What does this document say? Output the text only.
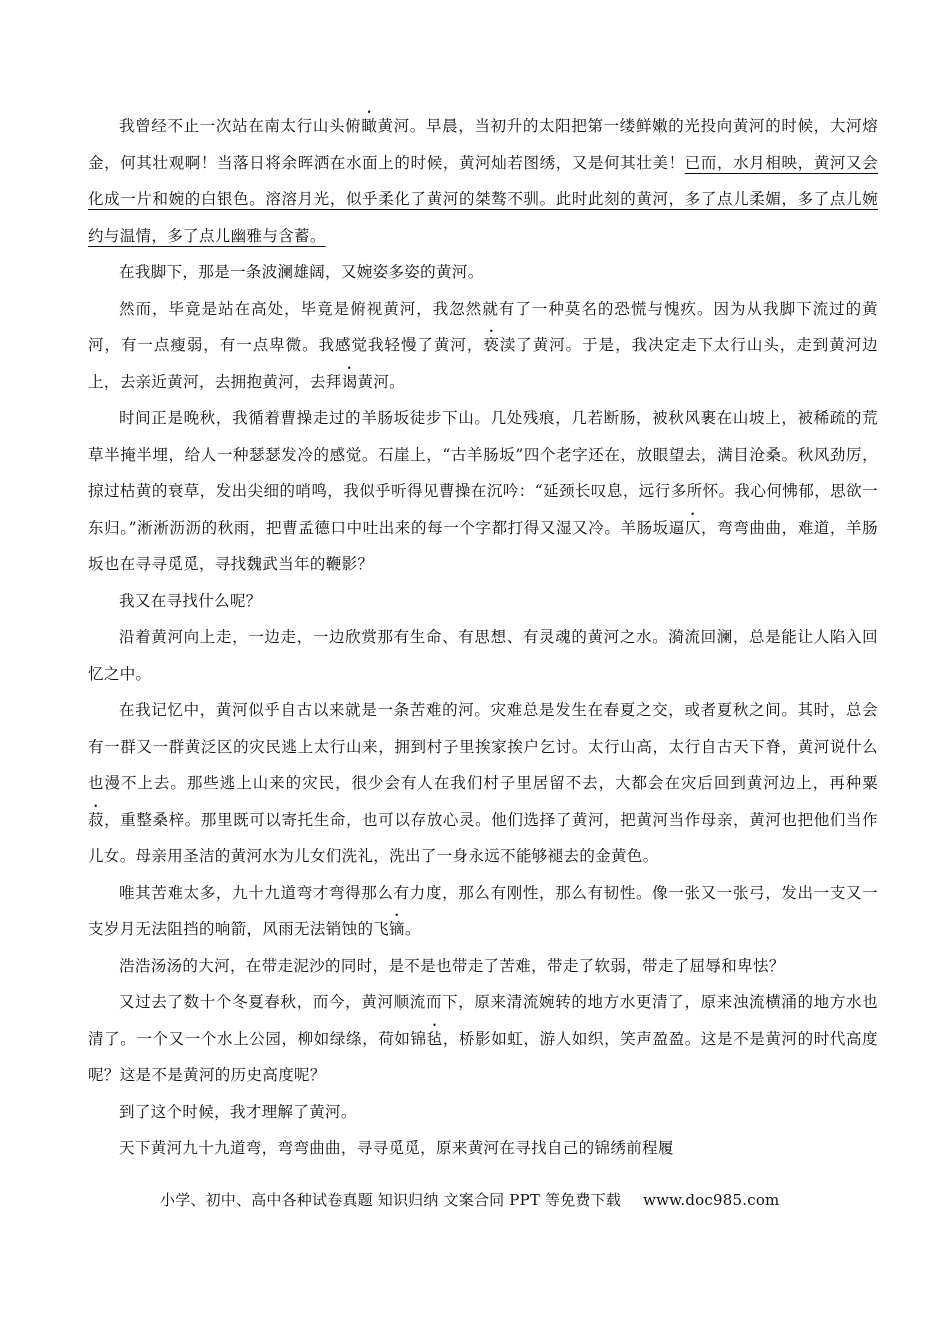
我曾经不止一次站在南太行山头俯瞰黄河。早晨，当初升的太阳把第一缕鲜嫩的光投向黄河的时候，大河熔金，何其壮观啊！当落日将余晖洒在水面上的时候，黄河灿若图绣，又是何其壮美！已而，水月相映，黄河又会化成一片和婉的白银色。溶溶月光，似乎柔化了黄河的桀骜不驯。此时此刻的黄河，多了点儿柔媚，多了点儿婉约与温情，多了点儿幽雅与含蓄。

在我脚下，那是一条波澜雄阔，又婉姿多姿的黄河。

然而，毕竟是站在高处，毕竟是俯视黄河，我忽然就有了一种莫名的恐慌与愧疚。因为从我脚下流过的黄河，有一点瘦弱，有一点卑微。我感觉我轻慢了黄河，亵渎了黄河。于是，我决定走下太行山头，走到黄河边上，去亲近黄河，去拥抱黄河，去拜谒黄河。

时间正是晚秋，我循着曹操走过的羊肠坂徒步下山。几处残痕，几若断肠，被秋风裹在山坡上，被稀疏的荒草半掩半埋，给人一种瑟瑟发冷的感觉。石崖上，“古羊肠坂”四个老字还在，放眼望去，满目沧桑。秋风劲厉，掠过枯黄的衰草，发出尖细的哨鸣，我似乎听得见曹操在沉吟：“延颈长叹息，远行多所怀。我心何怫郁，思欲一东归。”淅淅沥沥的秋雨，把曹孟德口中吐出来的每一个字都打得又湿又冷。羊肠坂逼仄，弯弯曲曲，难道，羊肠坂也在寻寻觅觅，寻找魏武当年的鞭影？

我又在寻找什么呢？

沿着黄河向上走，一边走，一边欣赏那有生命、有思想、有灵魂的黄河之水。漪流回澜，总是能让人陷入回忆之中。

在我记忆中，黄河似乎自古以来就是一条苦难的河。灾难总是发生在春夏之交，或者夏秋之间。其时，总会有一群又一群黄泛区的灾民逃上太行山来，拥到村子里挨家挨户乞讨。太行山高，太行自古天下脊，黄河说什么也漫不上去。那些逃上山来的灾民，很少会有人在我们村子里居留不去，大都会在灾后回到黄河边上，再种粟菽，重整桑梓。那里既可以寄托生命，也可以存放心灵。他们选择了黄河，把黄河当作母亲，黄河也把他们当作儿女。母亲用圣洁的黄河水为儿女们洗礼，洗出了一身永远不能够褪去的金黄色。

唯其苦难太多，九十九道弯才弯得那么有力度，那么有刚性，那么有韧性。像一张又一张弓，发出一支又一支岁月无法阻挡的响箭，风雨无法销蚀的飞镝。

浩浩汤汤的大河，在带走泥沙的同时，是不是也带走了苦难，带走了软弱，带走了屈辱和卑怯？

又过去了数十个冬夏春秋，而今，黄河顺流而下，原来清流婉转的地方水更清了，原来浊流横涌的地方水也清了。一个又一个水上公园，柳如绿绦，荷如锦毡，桥影如虹，游人如织，笑声盈盈。这是不是黄河的时代高度呢？这是不是黄河的历史高度呢？

到了这个时候，我才理解了黄河。

天下黄河九十九道弯，弯弯曲曲，寻寻觅觅，原来黄河在寻找自己的锦绣前程履

小学、初中、高中各种试卷真题 知识归纳 文案合同 PPT 等免费下载 www.doc985.com
